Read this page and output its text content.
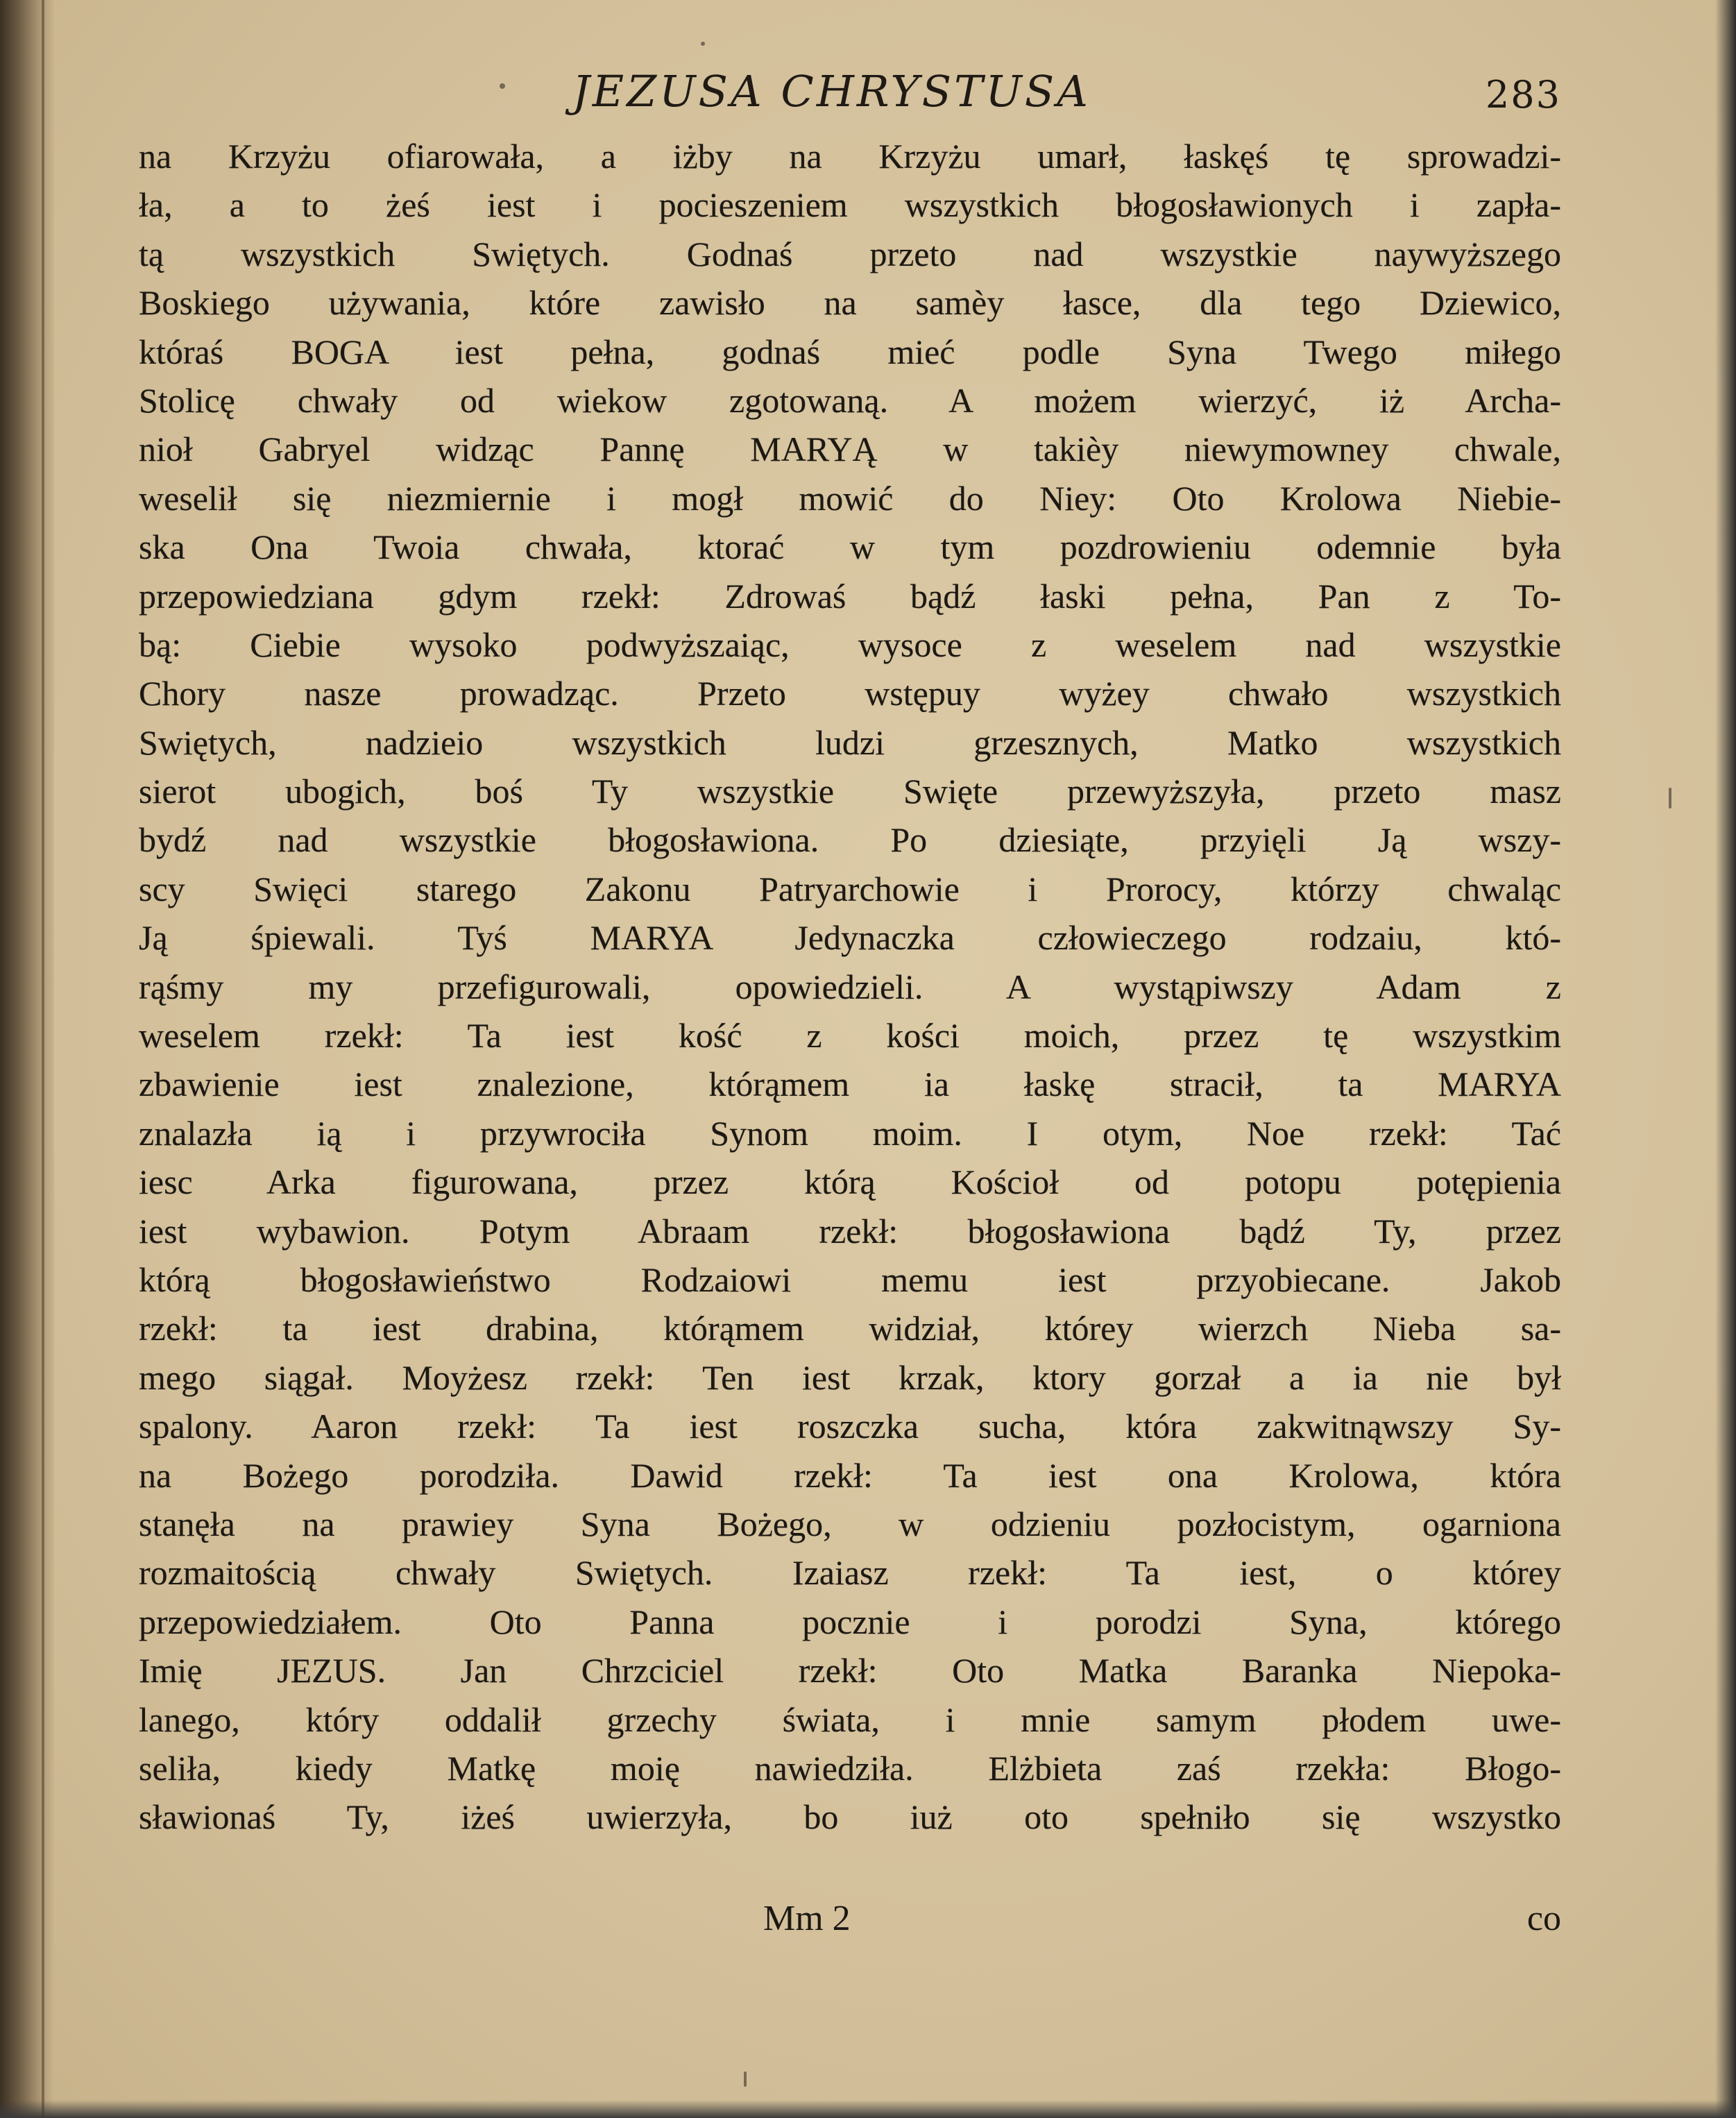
JEZUSA CHRYSTUSA	283
na Krzyżu ofiarowała, a iżby na Krzyżu umarł, łaskęś tę sprowadzi-
ła, a to żeś iest i pocieszeniem wszystkich błogosławionych i zapła-
tą wszystkich Swiętych. Godnaś przeto nad wszystkie naywyższego
Boskiego używania, które zawisło na samèy łasce, dla tego Dziewico,
któraś BOGA iest pełna, godnaś mieć podle Syna Twego miłego
Stolicę chwały od wiekow zgotowaną. A możem wierzyć, iż Archa-
nioł Gabryel widząc Pannę MARYĄ w takièy niewymowney chwale,
weselił się niezmiernie i mogł mowić do Niey: Oto Krolowa Niebie-
ska Ona Twoia chwała, ktorać w tym pozdrowieniu odemnie była
przepowiedziana gdym rzekł: Zdrowaś bądź łaski pełna, Pan z To-
bą: Ciebie wysoko podwyższaiąc, wysoce z weselem nad wszystkie
Chory nasze prowadząc. Przeto wstępuy wyżey chwało wszystkich
Swiętych, nadzieio wszystkich ludzi grzesznych, Matko wszystkich
sierot ubogich, boś Ty wszystkie Swięte przewyższyła, przeto masz
bydź nad wszystkie błogosławiona. Po dziesiąte, przyięli Ją wszy-
scy Swięci starego Zakonu Patryarchowie i Prorocy, którzy chwaląc
Ją śpiewali. Tyś MARYA Jedynaczka człowieczego rodzaiu, któ-
rąśmy my przefigurowali, opowiedzieli. A wystąpiwszy Adam z
weselem rzekł: Ta iest kość z kości moich, przez tę wszystkim
zbawienie iest znalezione, którąmem ia łaskę stracił, ta MARYA
znalazła ią i przywrociła Synom moim. I otym, Noe rzekł: Tać
iesc Arka figurowana, przez którą Kościoł od potopu potępienia
iest wybawion. Potym Abraam rzekł: błogosławiona bądź Ty, przez
którą błogosławieństwo Rodzaiowi memu iest przyobiecane. Jakob
rzekł: ta iest drabina, którąmem widział, którey wierzch Nieba sa-
mego siągał. Moyżesz rzekł: Ten iest krzak, ktory gorzał a ia nie był
spalony. Aaron rzekł: Ta iest roszczka sucha, która zakwitnąwszy Sy-
na Bożego porodziła. Dawid rzekł: Ta iest ona Krolowa, która
stanęła na prawiey Syna Bożego, w odzieniu pozłocistym, ogarniona
rozmaitością chwały Swiętych. Izaiasz rzekł: Ta iest, o którey
przepowiedziałem. Oto Panna pocznie i porodzi Syna, którego
Imię JEZUS. Jan Chrzciciel rzekł: Oto Matka Baranka Niepoka-
lanego, który oddalił grzechy świata, i mnie samym płodem uwe-
seliła, kiedy Matkę moię nawiedziła. Elżbieta zaś rzekła: Błogo-
sławionaś Ty, iżeś uwierzyła, bo iuż oto spełniło się wszystko
Mm 2	co
